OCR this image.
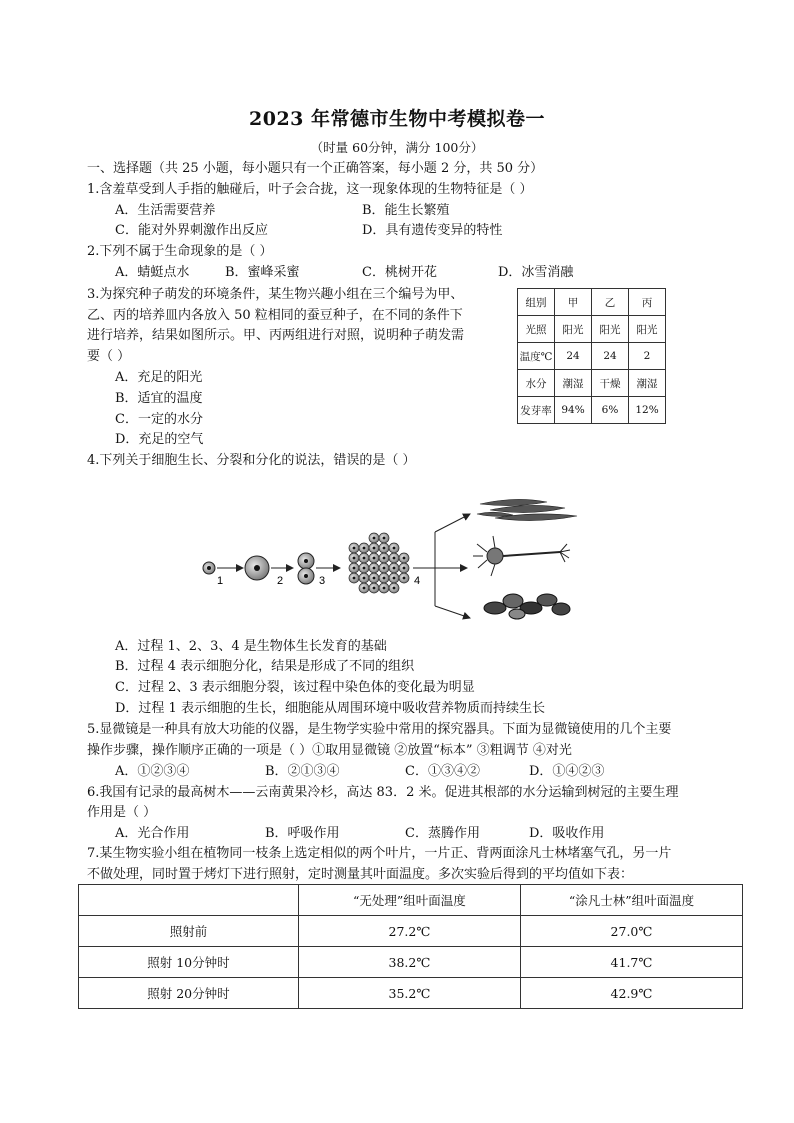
2023 年常德市生物中考模拟卷一
（时量 60分钟，满分 100分）
一、选择题（共 25 小题，每小题只有一个正确答案，每小题 2 分，共 50 分）
1.含羞草受到人手指的触碰后，叶子会合拢，这一现象体现的生物特征是（ ）
A．生活需要营养	B．能生长繁殖
C．能对外界刺激作出反应	D．具有遗传变异的特性
2.下列不属于生命现象的是（ ）
A．蜻蜓点水	B．蜜峰采蜜	C．桃树开花	D．冰雪消融
3.为探究种子萌发的环境条件，某生物兴趣小组在三个编号为甲、
乙、丙的培养皿内各放入 50 粒相同的蚕豆种子，在不同的条件下
进行培养，结果如图所示。甲、丙两组进行对照，说明种子萌发需
要（ ）
A．充足的阳光
B．适宜的温度
C．一定的水分
D．充足的空气
组别	甲	乙	丙
光照	阳光	阳光	阳光
温度℃	24	24	2
水分	潮湿	干燥	潮湿
发芽率	94%	6%	12%
4.下列关于细胞生长、分裂和分化的说法，错误的是（ ）
1	2	3	4
A．过程 1、2、3、4 是生物体生长发育的基础
B．过程 4 表示细胞分化，结果是形成了不同的组织
C．过程 2、3 表示细胞分裂，该过程中染色体的变化最为明显
D．过程 1 表示细胞的生长，细胞能从周围环境中吸收营养物质而持续生长
5.显微镜是一种具有放大功能的仪器，是生物学实验中常用的探究器具。下面为显微镜使用的几个主要
操作步骤，操作顺序正确的一项是（ ）①取用显微镜 ②放置“标本” ③粗调节 ④对光
A．①②③④	B．②①③④	C．①③④②	D．①④②③
6.我国有记录的最高树木——云南黄果冷杉，高达 83．2 米。促进其根部的水分运输到树冠的主要生理
作用是（ ）
A．光合作用	B．呼吸作用	C．蒸腾作用	D．吸收作用
7.某生物实验小组在植物同一枝条上选定相似的两个叶片，一片正、背两面涂凡士林堵塞气孔，另一片
不做处理，同时置于烤灯下进行照射，定时测量其叶面温度。多次实验后得到的平均值如下表：
	“无处理”组叶面温度	“涂凡士林”组叶面温度
照射前	27.2℃	27.0℃
照射 10分钟时	38.2℃	41.7℃
照射 20分钟时	35.2℃	42.9℃
